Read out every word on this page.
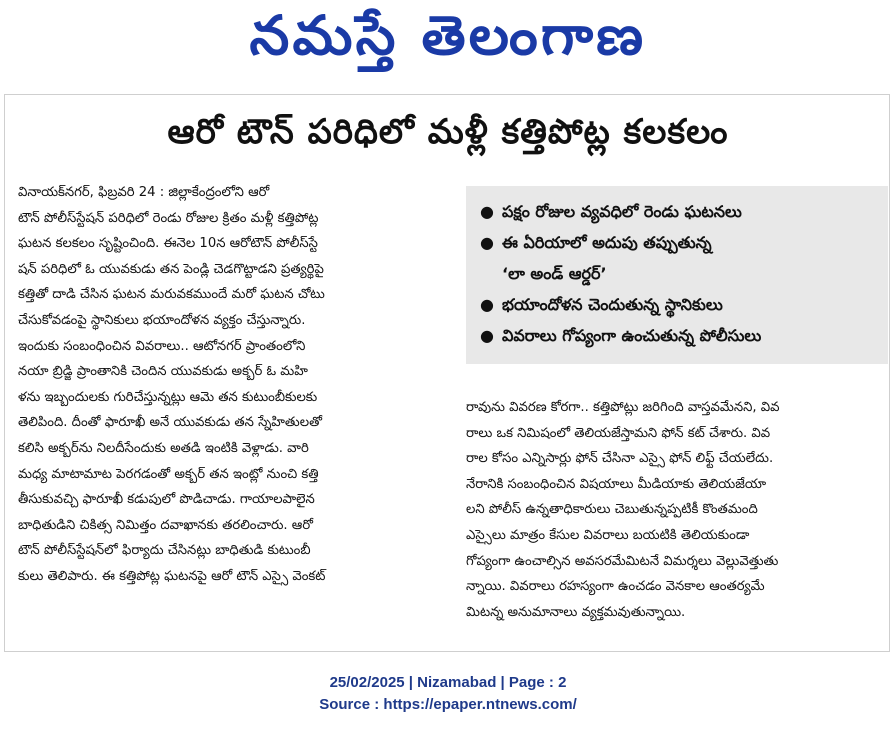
నమస్తే తెలంగాణ
ఆరో టౌన్ పరిధిలో మళ్లీ కత్తిపోట్ల కలకలం

వినాయక్‌నగర్, ఫిబ్రవరి 24 : జిల్లాకేంద్రంలోని ఆరో

టౌన్ పోలీస్‌స్టేషన్ పరిధిలో రెండు రోజుల క్రితం మళ్లీ కత్తిపోట్ల

ఘటన కలకలం సృష్టించింది. ఈనెల 10న ఆరోటౌన్ పోలీస్‌స్టే

షన్ పరిధిలో ఓ యువకుడు తన పెండ్లి చెడగొట్టాడని ప్రత్యర్థిపై

కత్తితో దాడి చేసిన ఘటన మరువకముందే మరో ఘటన చోటు

చేసుకోవడంపై స్థానికులు భయాందోళన వ్యక్తం చేస్తున్నారు.

ఇందుకు సంబంధించిన వివరాలు.. ఆటోనగర్ ప్రాంతంలోని

నయా బ్రిడ్జి ప్రాంతానికి చెందిన యువకుడు అక్బర్ ఓ మహి

ళను ఇబ్బందులకు గురిచేస్తున్నట్లు ఆమె తన కుటుంబీకులకు

తెలిపింది. దీంతో ఫారూఖీ అనే యువకుడు తన స్నేహితులతో

కలిసి అక్బర్‌ను నిలదీసేందుకు అతడి ఇంటికి వెళ్లాడు. వారి

మధ్య మాటామాట పెరగడంతో అక్బర్ తన ఇంట్లో నుంచి కత్తి

తీసుకువచ్చి ఫారూఖీ కడుపులో పొడిచాడు. గాయాలపాలైన

బాధితుడిని చికిత్స నిమిత్తం దవాఖానకు తరలించారు. ఆరో

టౌన్ పోలీస్‌స్టేషన్‌లో ఫిర్యాదు చేసినట్లు బాధితుడి కుటుంబీ

కులు తెలిపారు. ఈ కత్తిపోట్ల ఘటనపై ఆరో టౌన్ ఎస్సై వెంకట్

● పక్షం రోజుల వ్యవధిలో రెండు ఘటనలు
● ఈ ఏరియాలో అదుపు తప్పుతున్న
‘లా అండ్ ఆర్డర్’
● భయాందోళన చెందుతున్న స్థానికులు
● వివరాలు గోప్యంగా ఉంచుతున్న పోలీసులు

రావును వివరణ కోరగా.. కత్తిపోట్లు జరిగింది వాస్తవమేనని, వివ

రాలు ఒక నిమిషంలో తెలియజేస్తామని ఫోన్ కట్ చేశారు. వివ

రాల కోసం ఎన్నిసార్లు ఫోన్ చేసినా ఎస్సై ఫోన్ లిఫ్ట్ చేయలేదు.

నేరానికి సంబంధించిన విషయాలు మీడియాకు తెలియజేయా

లని పోలీస్ ఉన్నతాధికారులు చెబుతున్నప్పటికీ కొంతమంది

ఎస్సైలు మాత్రం కేసుల వివరాలు బయటికి తెలియకుండా

గోప్యంగా ఉంచాల్సిన అవసరమేమిటనే విమర్శలు వెల్లువెత్తుతు

న్నాయి. వివరాలు రహస్యంగా ఉంచడం వెనకాల ఆంతర్యమే

మిటన్న అనుమానాలు వ్యక్తమవుతున్నాయి.

25/02/2025 | Nizamabad | Page : 2
Source : https://epaper.ntnews.com/
